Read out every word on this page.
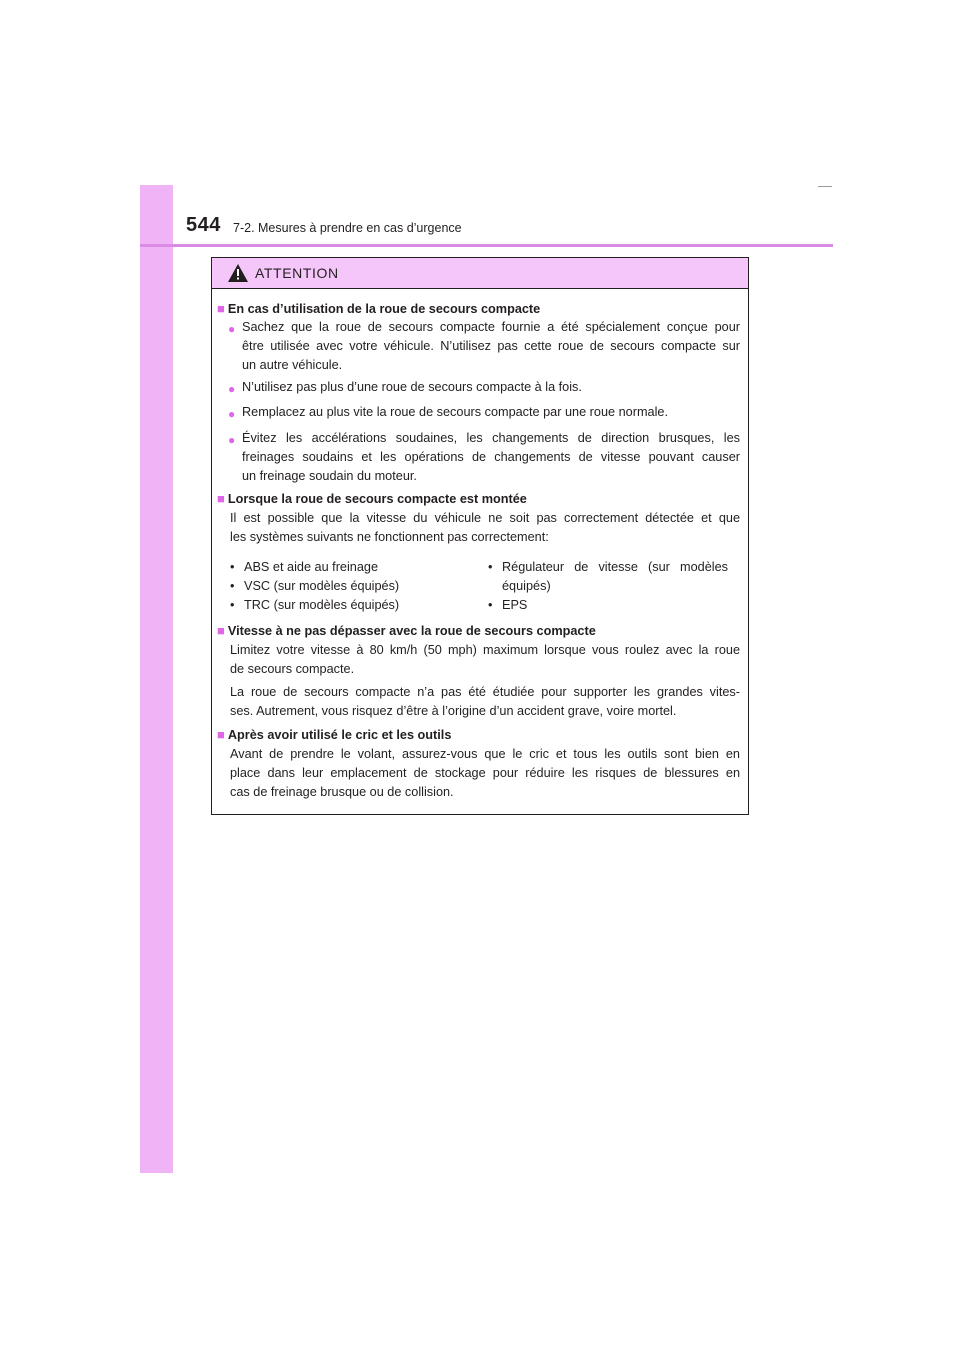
544 7-2. Mesures à prendre en cas d’urgence
ATTENTION
■ En cas d’utilisation de la roue de secours compacte
● Sachez que la roue de secours compacte fournie a été spécialement conçue pour
être utilisée avec votre véhicule. N’utilisez pas cette roue de secours compacte sur
un autre véhicule.
● N’utilisez pas plus d’une roue de secours compacte à la fois.
● Remplacez au plus vite la roue de secours compacte par une roue normale.
● Évitez les accélérations soudaines, les changements de direction brusques, les
freinages soudains et les opérations de changements de vitesse pouvant causer
un freinage soudain du moteur.
■ Lorsque la roue de secours compacte est montée
Il est possible que la vitesse du véhicule ne soit pas correctement détectée et que
les systèmes suivants ne fonctionnent pas correctement:
• ABS et aide au freinage
• VSC (sur modèles équipés)
• TRC (sur modèles équipés)
• Régulateur de vitesse (sur modèles
équipés)
• EPS
■ Vitesse à ne pas dépasser avec la roue de secours compacte
Limitez votre vitesse à 80 km/h (50 mph) maximum lorsque vous roulez avec la roue
de secours compacte.
La roue de secours compacte n’a pas été étudiée pour supporter les grandes vites-
ses. Autrement, vous risquez d’être à l’origine d’un accident grave, voire mortel.
■ Après avoir utilisé le cric et les outils
Avant de prendre le volant, assurez-vous que le cric et tous les outils sont bien en
place dans leur emplacement de stockage pour réduire les risques de blessures en
cas de freinage brusque ou de collision.
